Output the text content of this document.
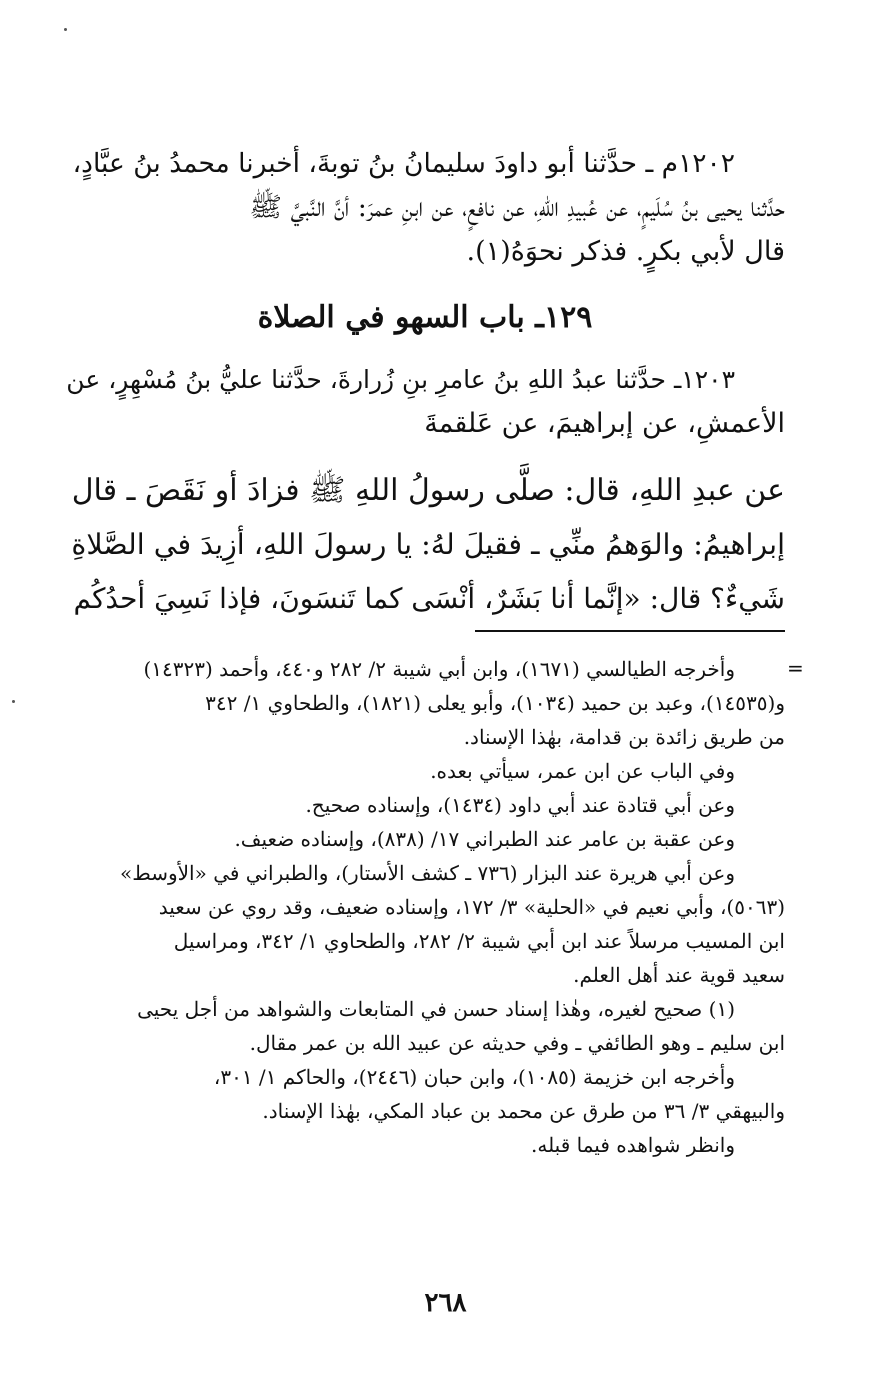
١٢٠٢م ـ حدَّثنا أبو داودَ سليمانُ بنُ توبةَ، أخبرنا محمدُ بنُ عبَّادٍ،
حدَّثنا يحيى بنُ سُلَيمٍ، عن عُبيدِ اللهِ، عن نافعٍ، عن ابنِ عمرَ: أنَّ النَّبيَّ ﷺ
قال لأبي بكرٍ. فذكر نحوَهُ(١).
١٢٩ـ باب السهو في الصلاة
١٢٠٣ـ حدَّثنا عبدُ اللهِ بنُ عامرِ بنِ زُرارةَ، حدَّثنا عليُّ بنُ مُسْهِرٍ، عن
الأعمشِ، عن إبراهيمَ، عن عَلقمةَ
عن عبدِ اللهِ، قال: صلَّى رسولُ اللهِ ﷺ فزادَ أو نَقَصَ ـ قال
إبراهيمُ: والوَهمُ منِّي ـ فقيلَ لهُ: يا رسولَ اللهِ، أزِيدَ في الصَّلاةِ
شَيءٌ؟ قال: «إنَّما أنا بَشَرٌ، أنْسَى كما تَنسَونَ، فإذا نَسِيَ أحدُكُم
=
وأخرجه الطيالسي (١٦٧١)، وابن أبي شيبة ٢/ ٢٨٢ و٤٤٠، وأحمد (١٤٣٢٣)
و(١٤٥٣٥)، وعبد بن حميد (١٠٣٤)، وأبو يعلى (١٨٢١)، والطحاوي ١/ ٣٤٢
من طريق زائدة بن قدامة، بهٰذا الإسناد.
وفي الباب عن ابن عمر، سيأتي بعده.
وعن أبي قتادة عند أبي داود (١٤٣٤)، وإسناده صحيح.
وعن عقبة بن عامر عند الطبراني ١٧/ (٨٣٨)، وإسناده ضعيف.
وعن أبي هريرة عند البزار (٧٣٦ ـ كشف الأستار)، والطبراني في «الأوسط»
(٥٠٦٣)، وأبي نعيم في «الحلية» ٣/ ١٧٢، وإسناده ضعيف، وقد روي عن سعيد
ابن المسيب مرسلاً عند ابن أبي شيبة ٢/ ٢٨٢، والطحاوي ١/ ٣٤٢، ومراسيل
سعيد قوية عند أهل العلم.
(١) صحيح لغيره، وهٰذا إسناد حسن في المتابعات والشواهد من أجل يحيى
ابن سليم ـ وهو الطائفي ـ وفي حديثه عن عبيد الله بن عمر مقال.
وأخرجه ابن خزيمة (١٠٨٥)، وابن حبان (٢٤٤٦)، والحاكم ١/ ٣٠١،
والبيهقي ٣/ ٣٦ من طرق عن محمد بن عباد المكي، بهٰذا الإسناد.
وانظر شواهده فيما قبله.
٢٦٨
